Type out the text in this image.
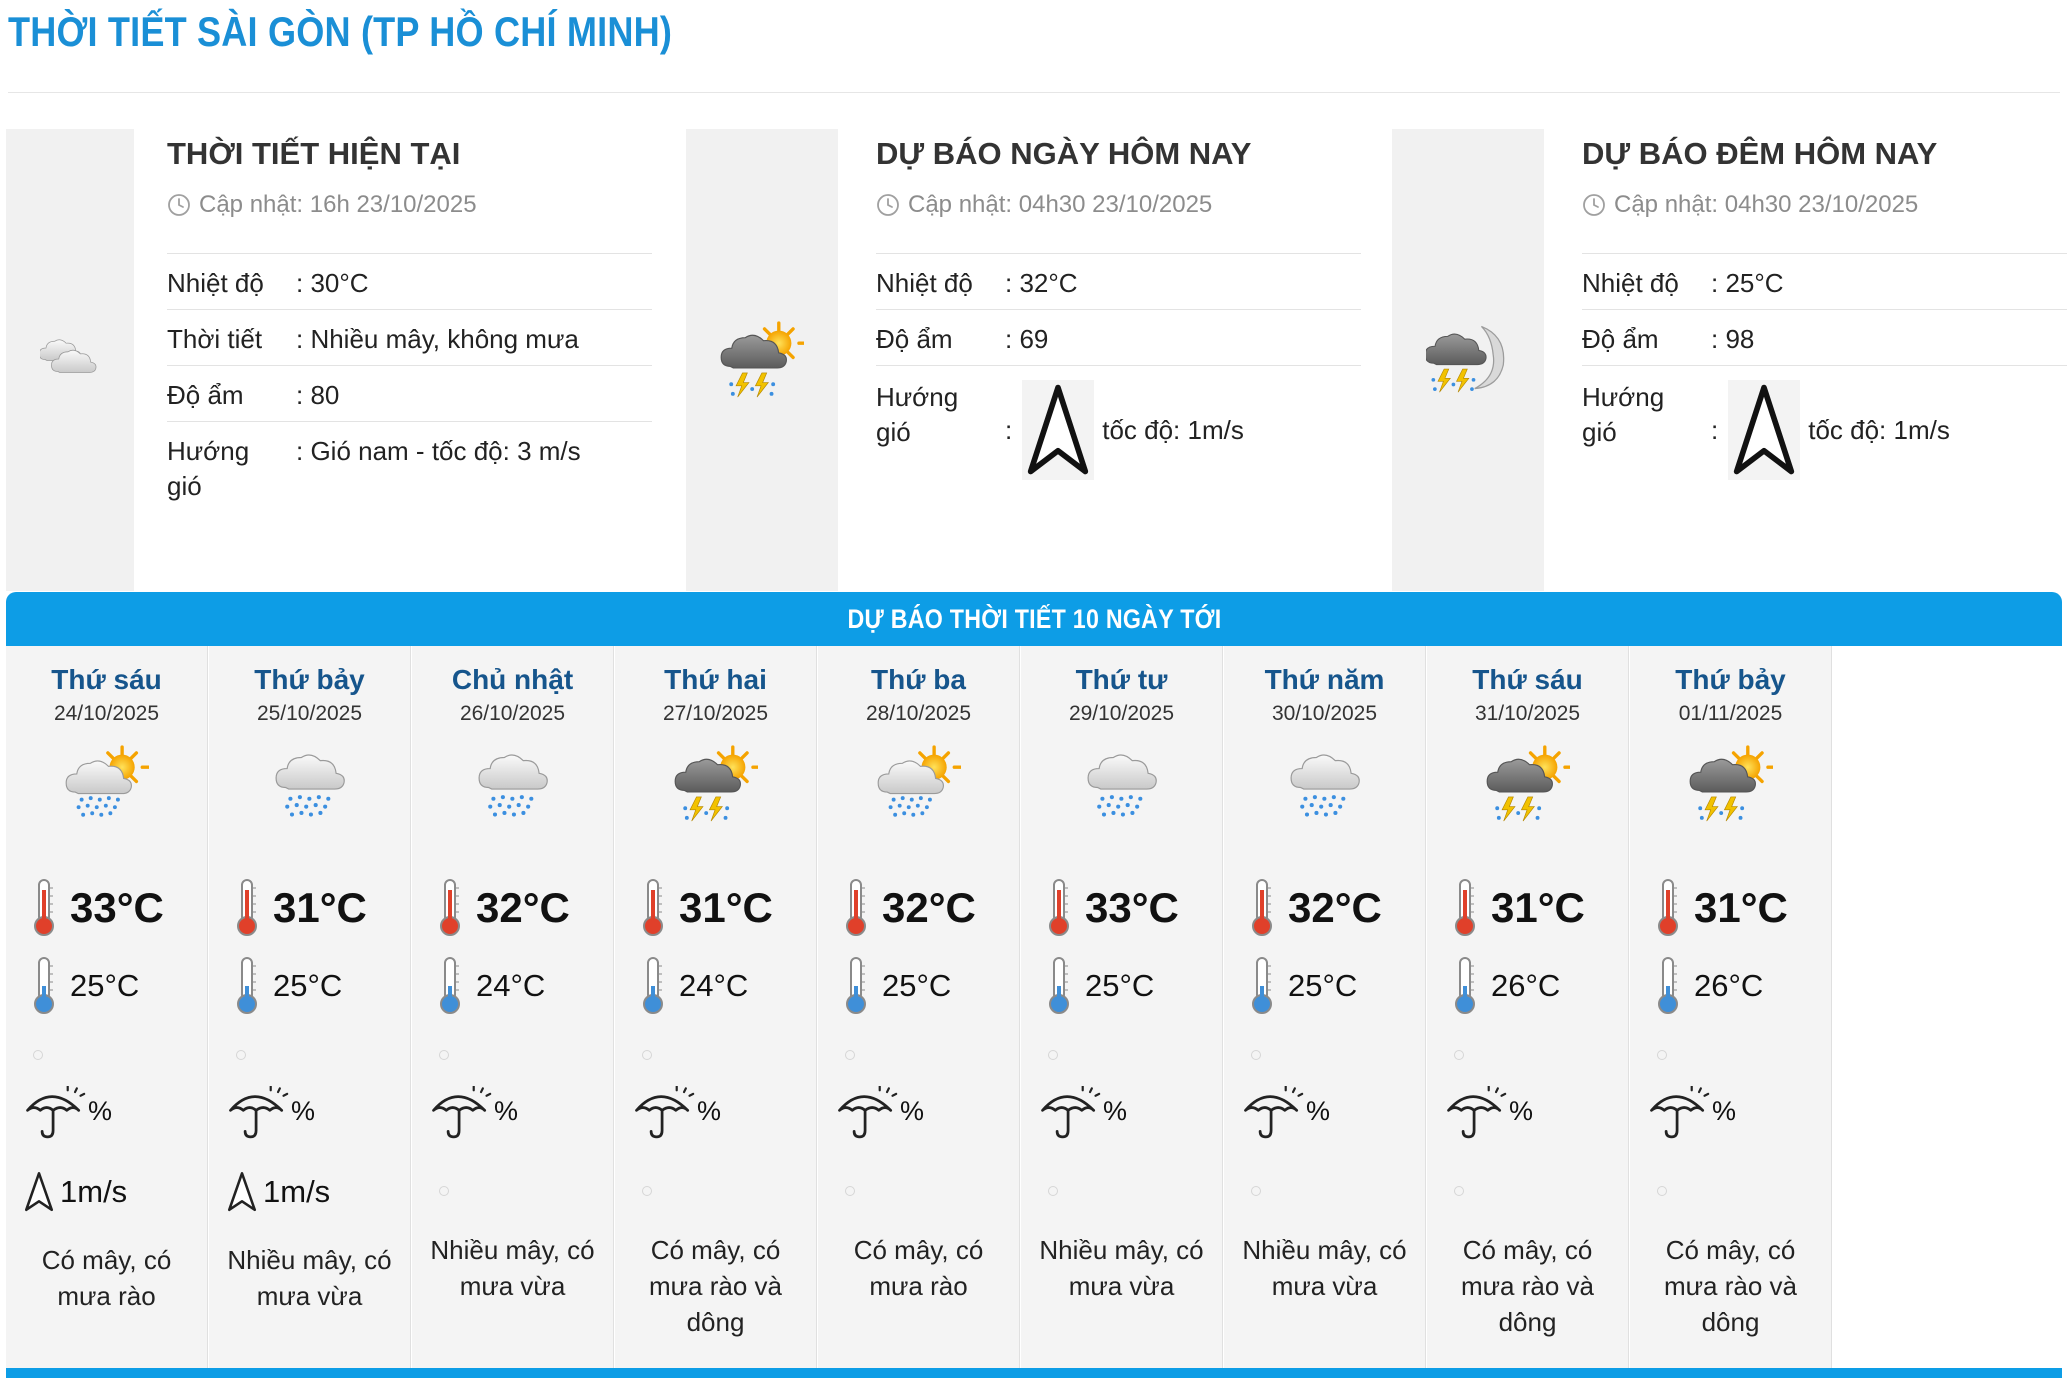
THỜI TIẾT SÀI GÒN (TP HỒ CHÍ MINH)
THỜI TIẾT HIỆN TẠI
Cập nhật: 16h 23/10/2025
Nhiệt độ	: 30°C
Thời tiết	: Nhiều mây, không mưa
Độ ẩm	: 80
Hướng gió
: Gió nam - tốc độ: 3 m/s
DỰ BÁO NGÀY HÔM NAY
Cập nhật: 04h30 23/10/2025
Nhiệt độ	: 32°C
Độ ẩm	: 69
Hướng gió	:	tốc độ: 1m/s
DỰ BÁO ĐÊM HÔM NAY
Cập nhật: 04h30 23/10/2025
Nhiệt độ	: 25°C
Độ ẩm	: 98
Hướng gió	:	tốc độ: 1m/s
DỰ BÁO THỜI TIẾT 10 NGÀY TỚI
Thứ sáu
24/10/2025
33°C
25°C
%
1m/s
Có mây, có mưa rào
Thứ bảy
25/10/2025
31°C
25°C
%
1m/s
Nhiều mây, có mưa vừa
Chủ nhật
26/10/2025
32°C
24°C
%
Nhiều mây, có mưa vừa
Thứ hai
27/10/2025
31°C
24°C
%
Có mây, có mưa rào và dông
Thứ ba
28/10/2025
32°C
25°C
%
Có mây, có mưa rào
Thứ tư
29/10/2025
33°C
25°C
%
Nhiều mây, có mưa vừa
Thứ năm
30/10/2025
32°C
25°C
%
Nhiều mây, có mưa vừa
Thứ sáu
31/10/2025
31°C
26°C
%
Có mây, có mưa rào và dông
Thứ bảy
01/11/2025
31°C
26°C
%
Có mây, có mưa rào và dông
